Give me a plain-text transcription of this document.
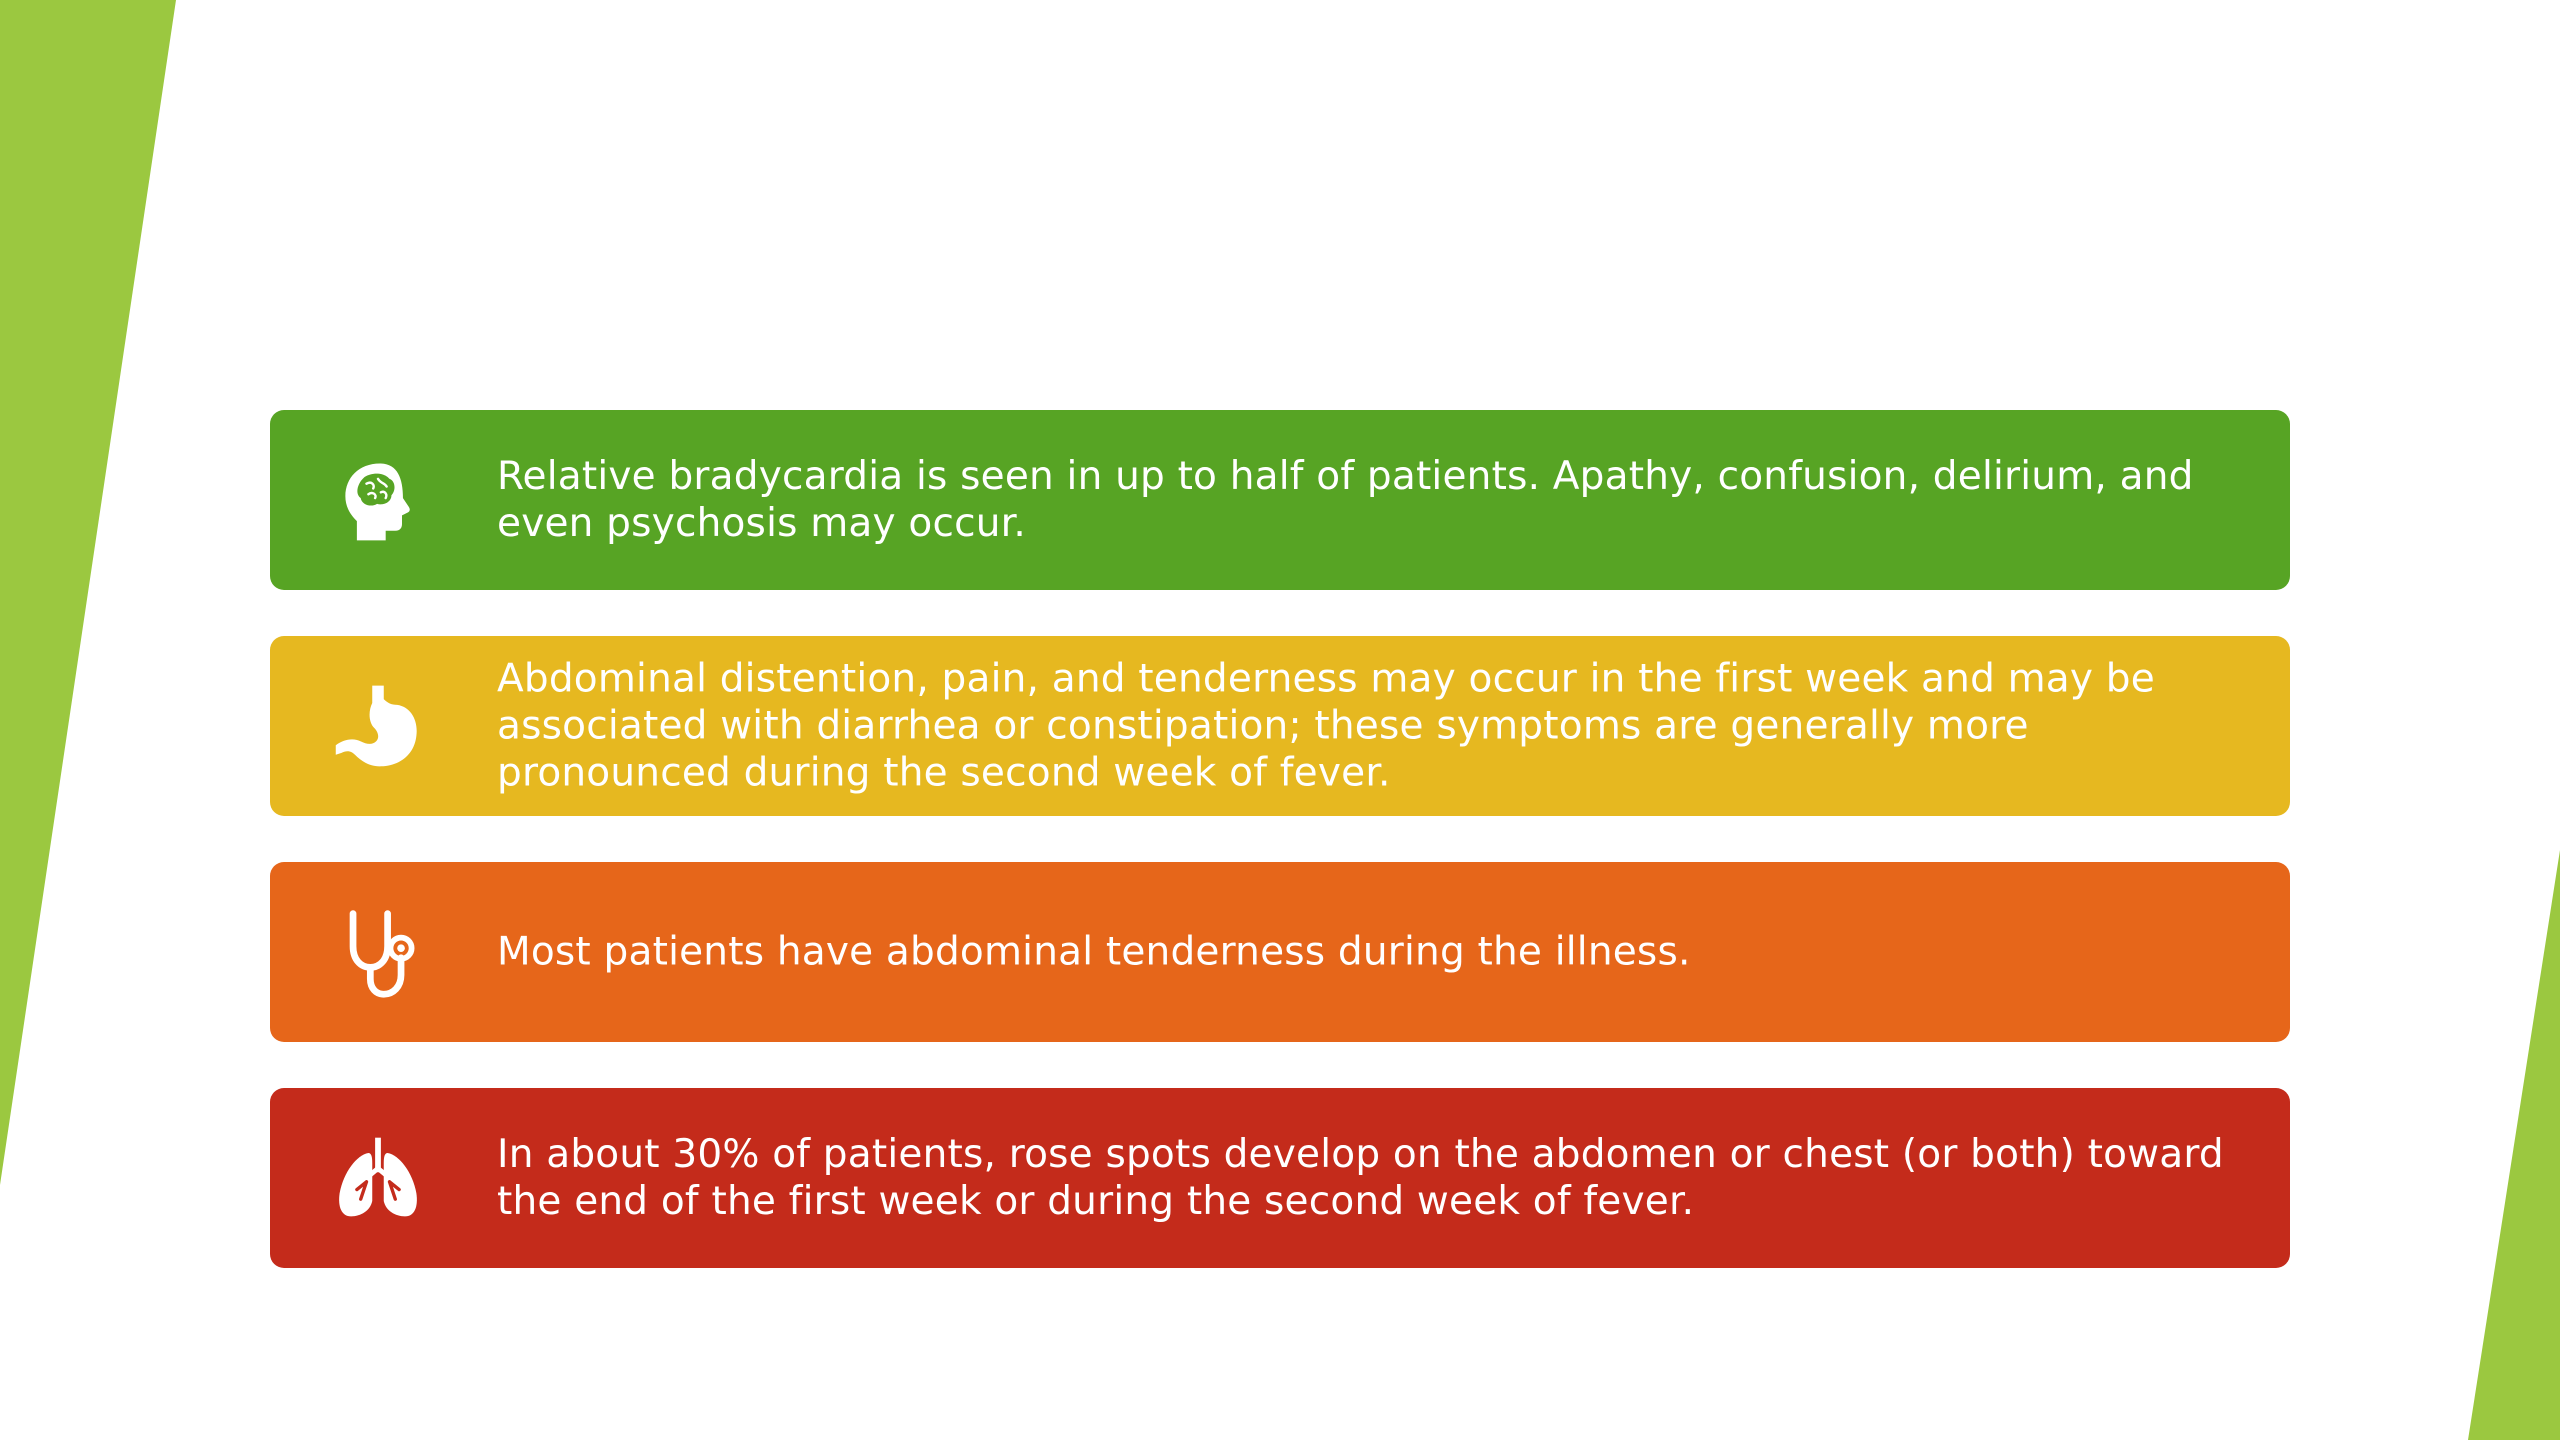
Relative bradycardia is seen in up to half of patients. Apathy, confusion, delirium, and even psychosis may occur.
Abdominal distention, pain, and tenderness may occur in the first week and may be associated with diarrhea or constipation; these symptoms are generally more pronounced during the second week of fever.
Most patients have abdominal tenderness during the illness.
In about 30% of patients, rose spots develop on the abdomen or chest (or both) toward the end of the first week or during the second week of fever.
